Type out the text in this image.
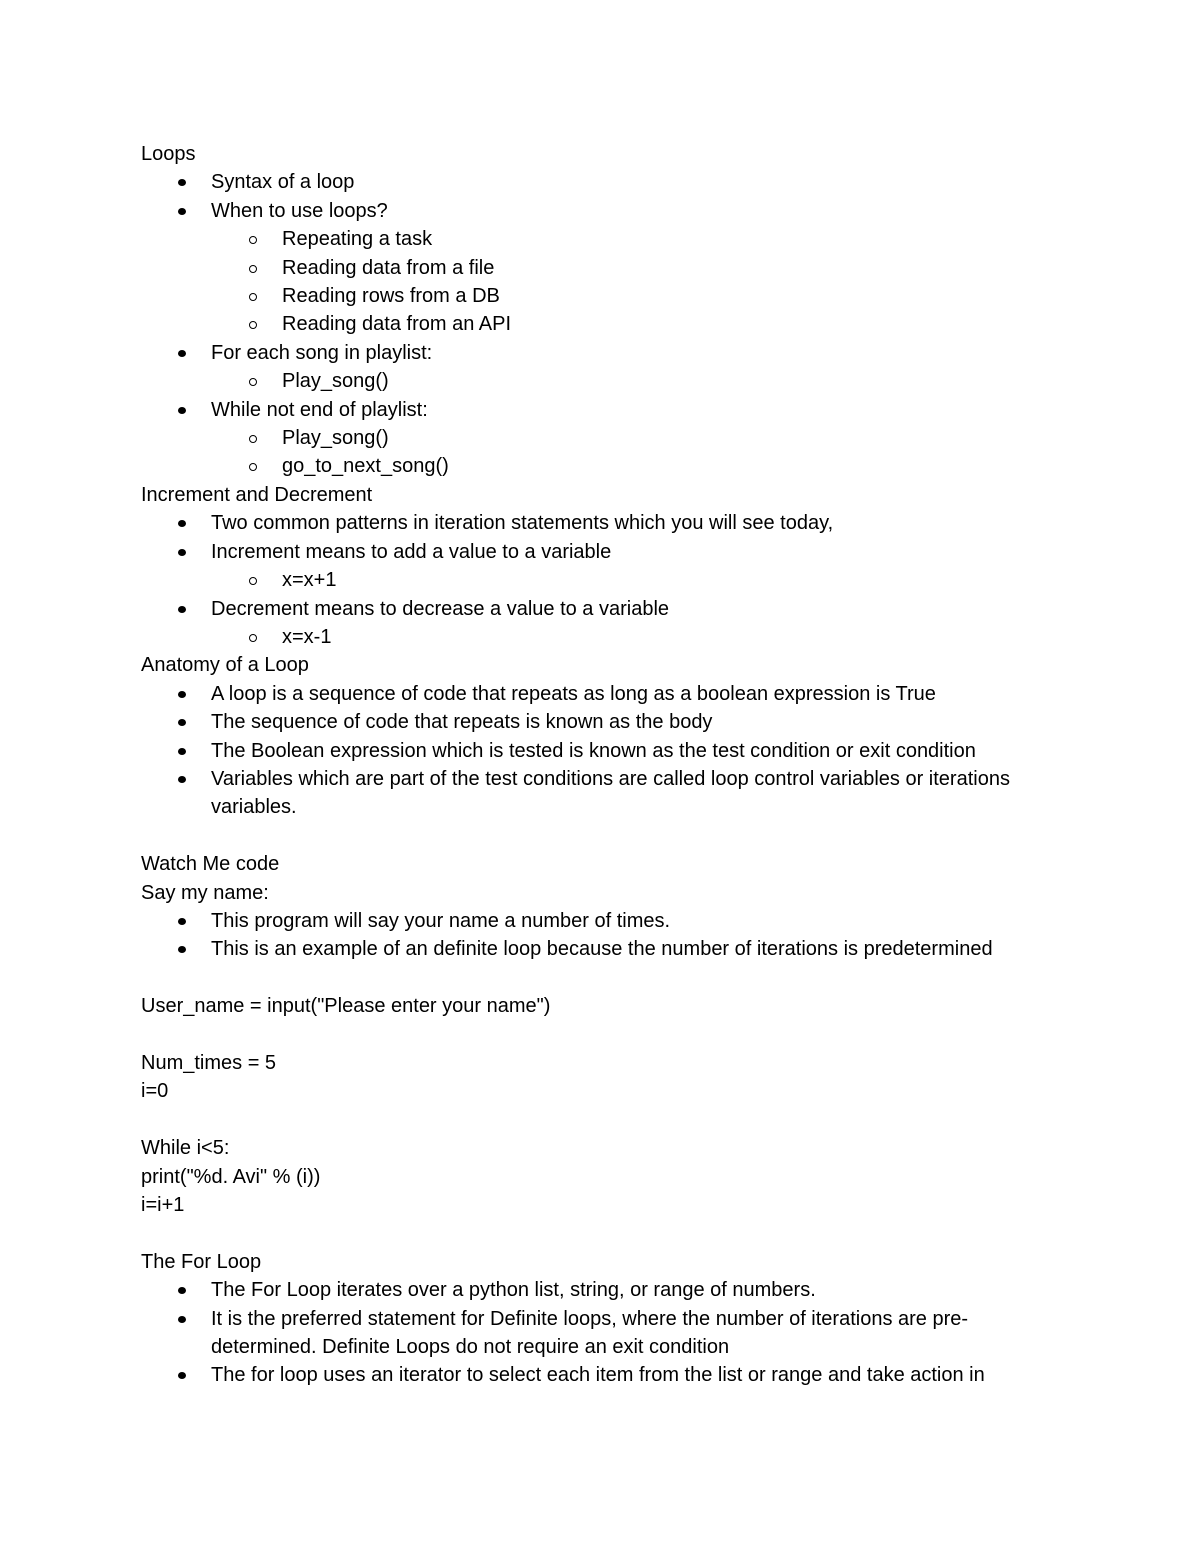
Loops
Syntax of a loop
When to use loops?
Repeating a task
Reading data from a file
Reading rows from a DB
Reading data from an API
For each song in playlist:
Play_song()
While not end of playlist:
Play_song()
go_to_next_song()
Increment and Decrement
Two common patterns in iteration statements which you will see today,
Increment means to add a value to a variable
x=x+1
Decrement means to decrease a value to a variable
x=x-1
Anatomy of a Loop
A loop is a sequence of code that repeats as long as a boolean expression is True
The sequence of code that repeats is known as the body
The Boolean expression which is tested is known as the test condition or exit condition
Variables which are part of the test conditions are called loop control variables or iterations variables.
Watch Me code
Say my name:
This program will say your name a number of times.
This is an example of an definite loop because the number of iterations is predetermined
User_name = input("Please enter your name")
Num_times = 5
i=0
While i<5:
print("%d. Avi" % (i))
i=i+1
The For Loop
The For Loop iterates over a python list, string, or range of numbers.
It is the preferred statement for Definite loops, where the number of iterations are pre-
determined. Definite Loops do not require an exit condition
The for loop uses an iterator to select each item from the list or range and take action in
